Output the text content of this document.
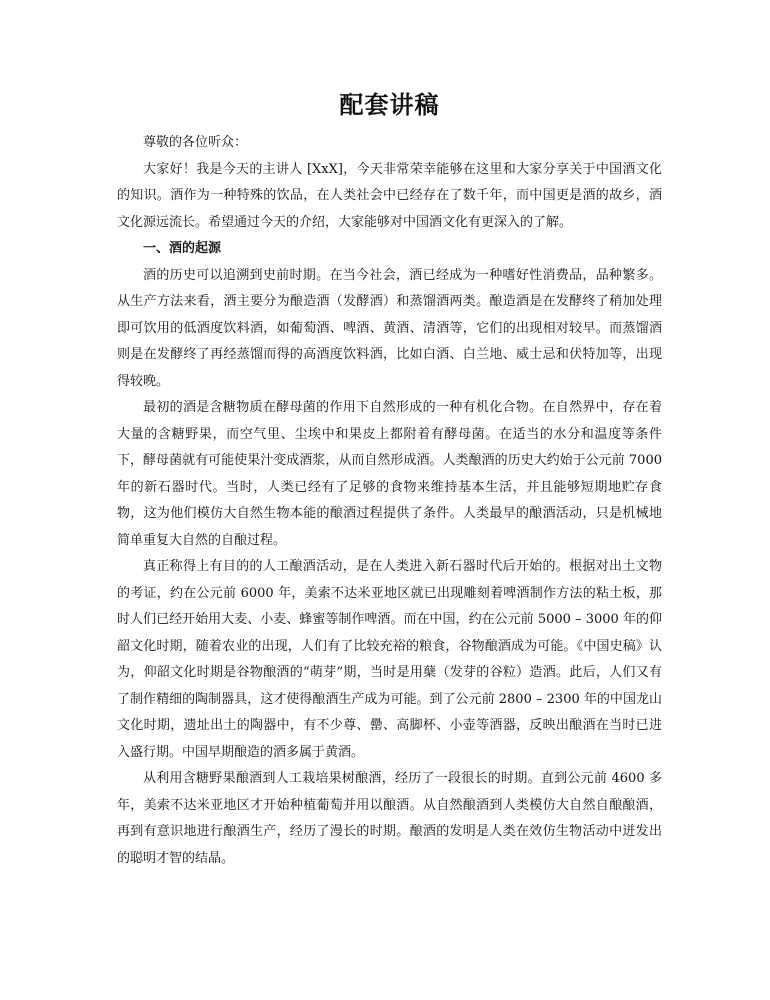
配套讲稿

尊敬的各位听众：

大家好！我是今天的主讲人 [XxX]，今天非常荣幸能够在这里和大家分享关于中国酒文化的知识。酒作为一种特殊的饮品，在人类社会中已经存在了数千年，而中国更是酒的故乡，酒文化源远流长。希望通过今天的介绍，大家能够对中国酒文化有更深入的了解。

一、酒的起源

酒的历史可以追溯到史前时期。在当今社会，酒已经成为一种嗜好性消费品，品种繁多。从生产方法来看，酒主要分为酿造酒（发酵酒）和蒸馏酒两类。酿造酒是在发酵终了稍加处理即可饮用的低酒度饮料酒，如葡萄酒、啤酒、黄酒、清酒等，它们的出现相对较早。而蒸馏酒则是在发酵终了再经蒸馏而得的高酒度饮料酒，比如白酒、白兰地、威士忌和伏特加等，出现得较晚。

最初的酒是含糖物质在酵母菌的作用下自然形成的一种有机化合物。在自然界中，存在着大量的含糖野果，而空气里、尘埃中和果皮上都附着有酵母菌。在适当的水分和温度等条件下，酵母菌就有可能使果汁变成酒浆，从而自然形成酒。人类酿酒的历史大约始于公元前 7000 年的新石器时代。当时，人类已经有了足够的食物来维持基本生活，并且能够短期地贮存食物，这为他们模仿大自然生物本能的酿酒过程提供了条件。人类最早的酿酒活动，只是机械地简单重复大自然的自酿过程。

真正称得上有目的的人工酿酒活动，是在人类进入新石器时代后开始的。根据对出土文物的考证，约在公元前 6000 年，美索不达米亚地区就已出现雕刻着啤酒制作方法的粘土板，那时人们已经开始用大麦、小麦、蜂蜜等制作啤酒。而在中国，约在公元前 5000 – 3000 年的仰韶文化时期，随着农业的出现，人们有了比较充裕的粮食，谷物酿酒成为可能。《中国史稿》认为，仰韶文化时期是谷物酿酒的“萌芽”期，当时是用蘖（发芽的谷粒）造酒。此后，人们又有了制作精细的陶制器具，这才使得酿酒生产成为可能。到了公元前 2800 – 2300 年的中国龙山文化时期，遗址出土的陶器中，有不少尊、罍、高脚杯、小壶等酒器，反映出酿酒在当时已进入盛行期。中国早期酿造的酒多属于黄酒。

从利用含糖野果酿酒到人工栽培果树酿酒，经历了一段很长的时期。直到公元前 4600 多年，美索不达米亚地区才开始种植葡萄并用以酿酒。从自然酿酒到人类模仿大自然自酿酿酒，再到有意识地进行酿酒生产，经历了漫长的时期。酿酒的发明是人类在效仿生物活动中迸发出的聪明才智的结晶。
